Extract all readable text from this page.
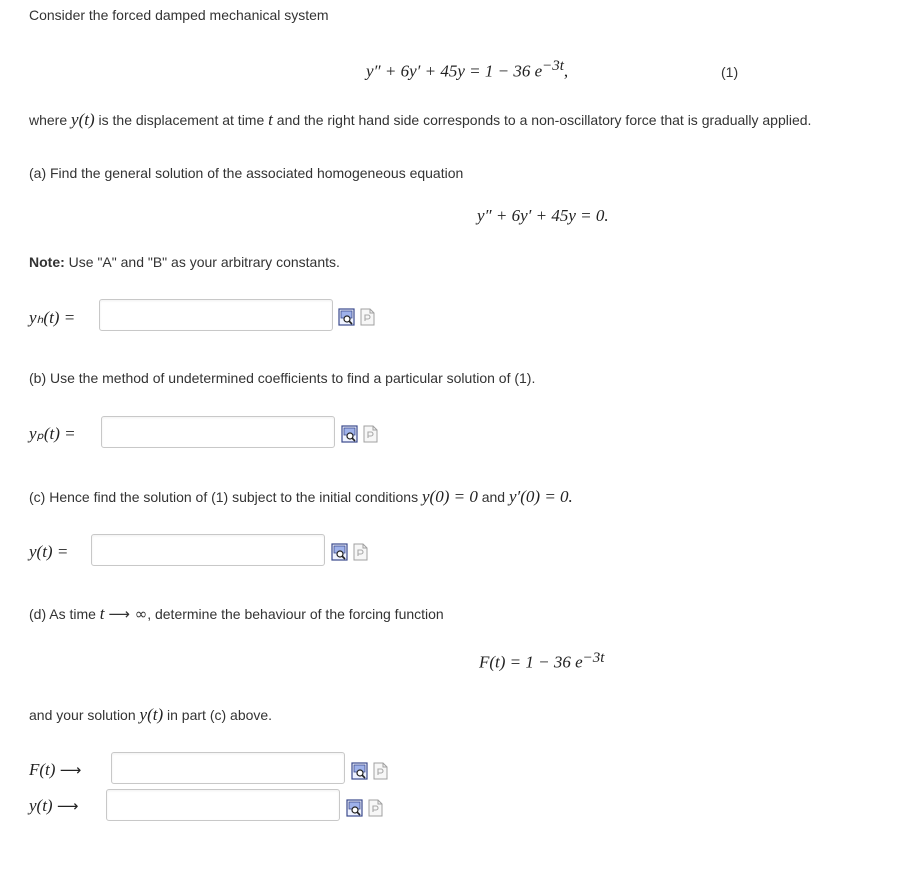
Consider the forced damped mechanical system
y″ + 6y′ + 45y = 1 − 36 $e^{-3t}$,	(1)
where y(t) is the displacement at time t and the right hand side corresponds to a non-oscillatory force that is gradually applied.
(a) Find the general solution of the associated homogeneous equation
y″ + 6y′ + 45y = 0.
Note: Use "A" and "B" as your arbitrary constants.
yₕ(t) =
(b) Use the method of undetermined coefficients to find a particular solution of (1).
yₚ(t) =
(c) Hence find the solution of (1) subject to the initial conditions y(0) = 0 and y′(0) = 0.
y(t) =
(d) As time t ⟶ ∞, determine the behaviour of the forcing function
F(t) = 1 − 36 $e^{-3t}$
and your solution y(t) in part (c) above.
F(t) ⟶
y(t) ⟶
